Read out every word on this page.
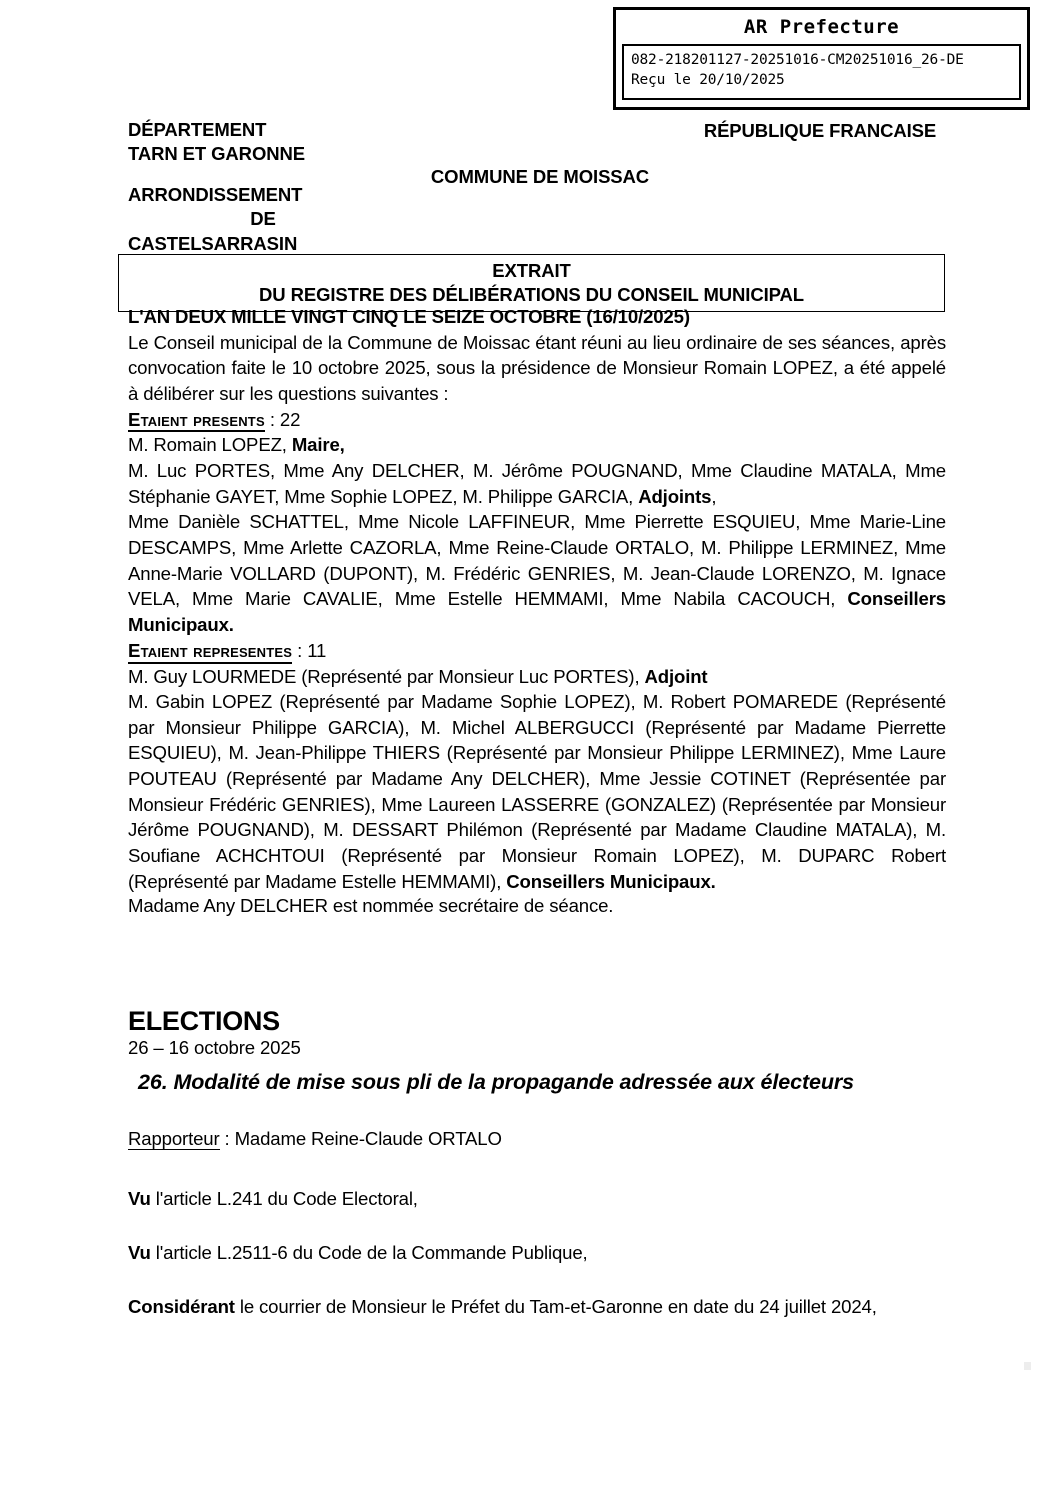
AR Prefecture
082-218201127-20251016-CM20251016_26-DE
Reçu le 20/10/2025
DÉPARTEMENT
TARN ET GARONNE
ARRONDISSEMENT
DE
CASTELSARRASIN
RÉPUBLIQUE FRANCAISE
COMMUNE DE MOISSAC
EXTRAIT
DU REGISTRE DES DÉLIBÉRATIONS DU CONSEIL MUNICIPAL

L'AN DEUX MILLE VINGT CINQ LE SEIZE OCTOBRE (16/10/2025)

Le Conseil municipal de la Commune de Moissac étant réuni au lieu ordinaire de ses séances, après convocation faite le 10 octobre 2025, sous la présidence de Monsieur Romain LOPEZ, a été appelé à délibérer sur les questions suivantes :

Etaient presents : 22

M. Romain LOPEZ, Maire,

M. Luc PORTES, Mme Any DELCHER, M. Jérôme POUGNAND, Mme Claudine MATALA, Mme Stéphanie GAYET, Mme Sophie LOPEZ, M. Philippe GARCIA, Adjoints,

Mme Danièle SCHATTEL, Mme Nicole LAFFINEUR, Mme Pierrette ESQUIEU, Mme Marie-Line DESCAMPS, Mme Arlette CAZORLA, Mme Reine-Claude ORTALO, M. Philippe LERMINEZ, Mme Anne-Marie VOLLARD (DUPONT), M. Frédéric GENRIES, M. Jean-Claude LORENZO, M. Ignace VELA, Mme Marie CAVALIE, Mme Estelle HEMMAMI, Mme Nabila CACOUCH, Conseillers Municipaux.

Etaient representes : 11

M. Guy LOURMEDE (Représenté par Monsieur Luc PORTES), Adjoint

M. Gabin LOPEZ (Représenté par Madame Sophie LOPEZ), M. Robert POMAREDE (Représenté par Monsieur Philippe GARCIA), M. Michel ALBERGUCCI (Représenté par Madame Pierrette ESQUIEU), M. Jean-Philippe THIERS (Représenté par Monsieur Philippe LERMINEZ), Mme Laure POUTEAU (Représenté par Madame Any DELCHER), Mme Jessie COTINET (Représentée par Monsieur Frédéric GENRIES), Mme Laureen LASSERRE (GONZALEZ) (Représentée par Monsieur Jérôme POUGNAND), M. DESSART Philémon (Représenté par Madame Claudine MATALA), M. Soufiane ACHCHTOUI (Représenté par Monsieur Romain LOPEZ), M. DUPARC Robert (Représenté par Madame Estelle HEMMAMI), Conseillers Municipaux.

Madame Any DELCHER est nommée secrétaire de séance.
ELECTIONS
26 – 16 octobre 2025
26. Modalité de mise sous pli de la propagande adressée aux électeurs
Rapporteur : Madame Reine-Claude ORTALO

Vu l'article L.241 du Code Electoral,

Vu l'article L.2511-6 du Code de la Commande Publique,

Considérant le courrier de Monsieur le Préfet du Tam-et-Garonne en date du 24 juillet 2024,
